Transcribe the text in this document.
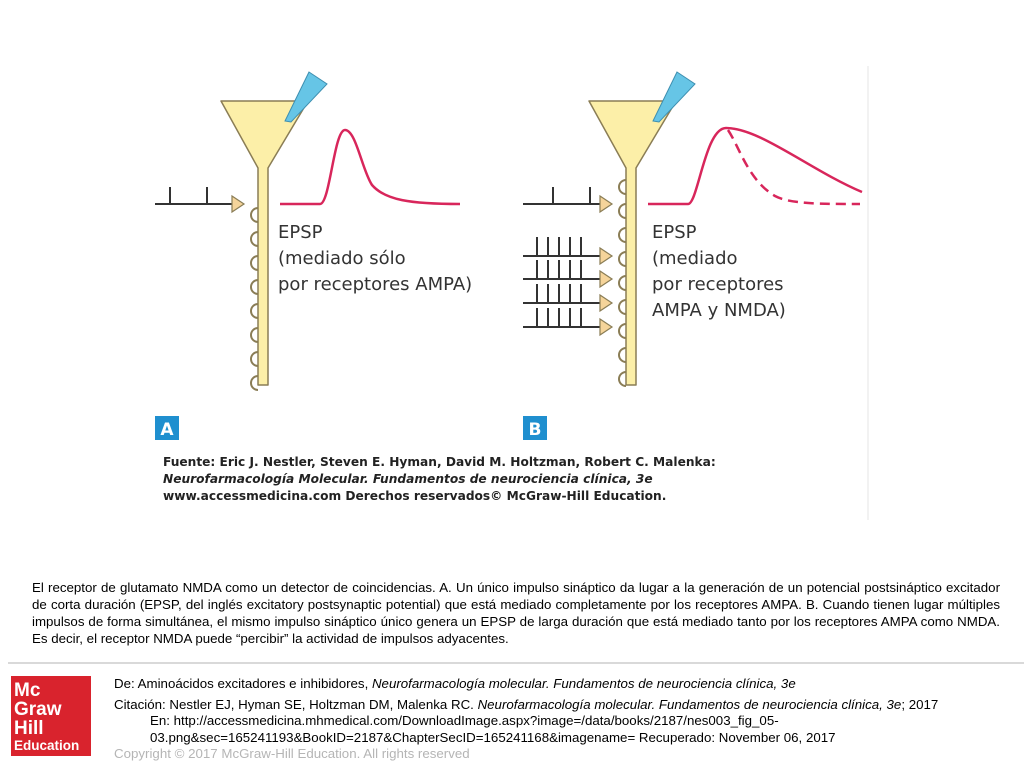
EPSP
(mediado sólo
por receptores AMPA)
A
EPSP
(mediado
por receptores
AMPA y NMDA)
B
Fuente: Eric J. Nestler, Steven E. Hyman, David M. Holtzman, Robert C. Malenka:
Neurofarmacología Molecular. Fundamentos de neurociencia clínica, 3e
www.accessmedicina.com Derechos reservados© McGraw-Hill Education.
El receptor de glutamato NMDA como un detector de coincidencias. A. Un único impulso sináptico da lugar a la generación de un potencial postsináptico excitador de corta duración (EPSP, del inglés excitatory postsynaptic potential) que está mediado completamente por los receptores AMPA. B. Cuando tienen lugar múltiples impulsos de forma simultánea, el mismo impulso sináptico único genera un EPSP de larga duración que está mediado tanto por los receptores AMPA como NMDA. Es decir, el receptor NMDA puede “percibir” la actividad de impulsos adyacentes.
Mc
Graw
Hill
Education
De: Aminoácidos excitadores e inhibidores, Neurofarmacología molecular. Fundamentos de neurociencia clínica, 3e
Citación: Nestler EJ, Hyman SE, Holtzman DM, Malenka RC. Neurofarmacología molecular. Fundamentos de neurociencia clínica, 3e; 2017
En: http://accessmedicina.mhmedical.com/DownloadImage.aspx?image=/data/books/2187/nes003_fig_05-
03.png&sec=165241193&BookID=2187&ChapterSecID=165241168&imagename= Recuperado: November 06, 2017
Copyright © 2017 McGraw-Hill Education. All rights reserved
